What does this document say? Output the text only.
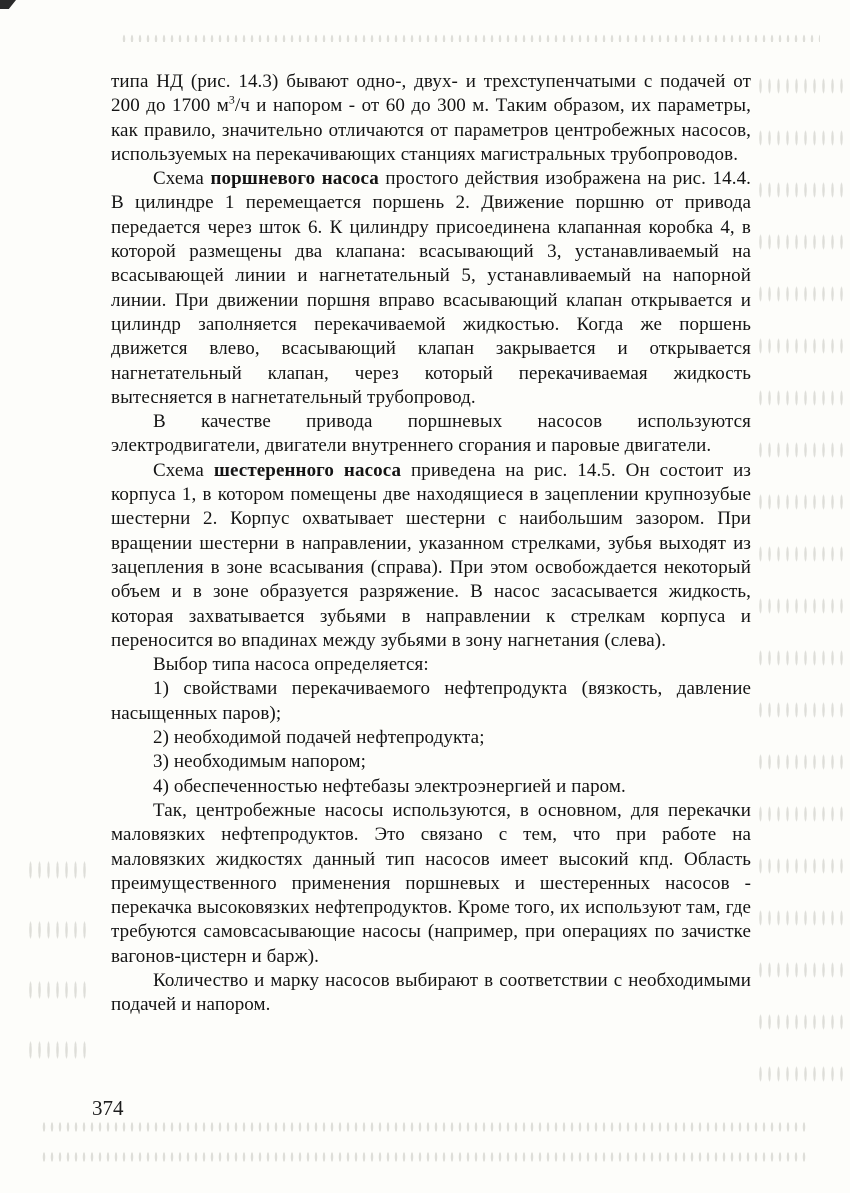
типа НД (рис. 14.3) бывают одно-, двух- и трехступенчатыми с подачей от 200 до 1700 $м^3/ч$ и напором - от 60 до 300 м. Таким образом, их параметры, как правило, значительно отличаются от параметров центробежных насосов, используемых на перекачивающих станциях магистральных трубопроводов.

Схема поршневого насоса простого действия изображена на рис. 14.4. В цилиндре 1 перемещается поршень 2. Движение поршню от привода передается через шток 6. К цилиндру присоединена клапанная коробка 4, в которой размещены два клапана: всасывающий 3, устанавливаемый на всасывающей линии и нагнетательный 5, устанавливаемый на напорной линии. При движении поршня вправо всасывающий клапан открывается и цилиндр заполняется перекачиваемой жидкостью. Когда же поршень движется влево, всасывающий клапан закрывается и открывается нагнетательный клапан, через который перекачиваемая жидкость вытесняется в нагнетательный трубопровод.

В качестве привода поршневых насосов используются электродвигатели, двигатели внутреннего сгорания и паровые двигатели.

Схема шестеренного насоса приведена на рис. 14.5. Он состоит из корпуса 1, в котором помещены две находящиеся в зацеплении крупнозубые шестерни 2. Корпус охватывает шестерни с наибольшим зазором. При вращении шестерни в направлении, указанном стрелками, зубья выходят из зацепления в зоне всасывания (справа). При этом освобождается некоторый объем и в зоне образуется разряжение. В насос засасывается жидкость, которая захватывается зубьями в направлении к стрелкам корпуса и переносится во впадинах между зубьями в зону нагнетания (слева).

Выбор типа насоса определяется:

1) свойствами перекачиваемого нефтепродукта (вязкость, давление насыщенных паров);

2) необходимой подачей нефтепродукта;

3) необходимым напором;

4) обеспеченностью нефтебазы электроэнергией и паром.

Так, центробежные насосы используются, в основном, для перекачки маловязких нефтепродуктов. Это связано с тем, что при работе на маловязких жидкостях данный тип насосов имеет высокий кпд. Область преимущественного применения поршневых и шестеренных насосов - перекачка высоковязких нефтепродуктов. Кроме того, их используют там, где требуются самовсасывающие насосы (например, при операциях по зачистке вагонов-цистерн и барж).

Количество и марку насосов выбирают в соответствии с необходимыми подачей и напором.

374
